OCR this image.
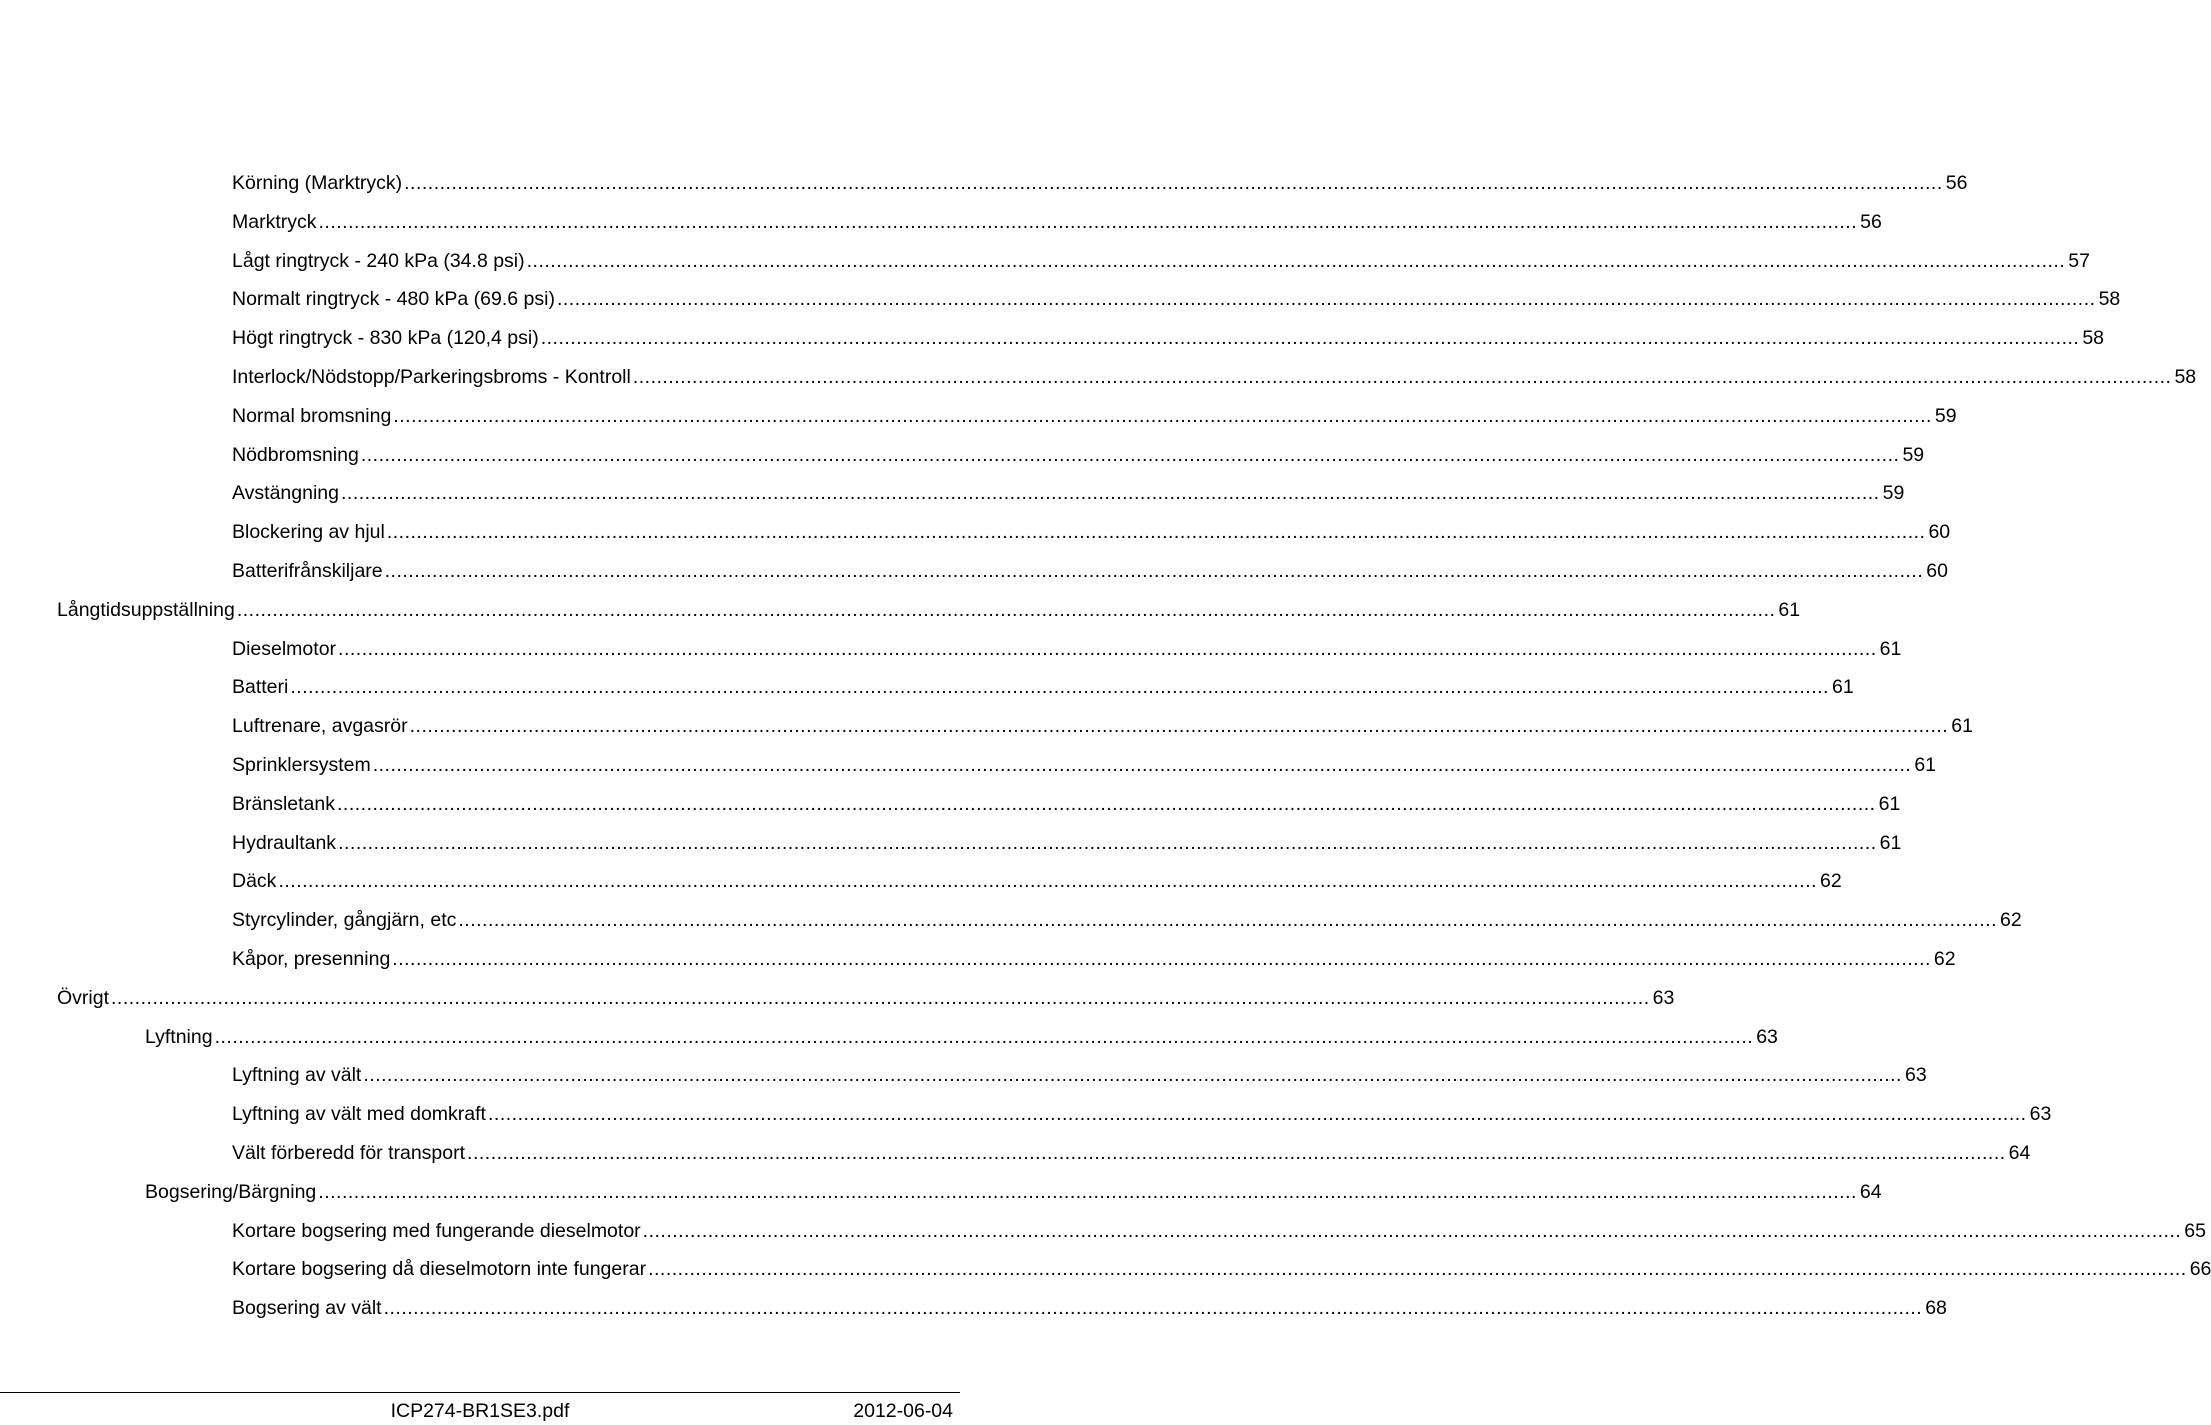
Körning (Marktryck) .................................................................................................................................................................................................................................................................... 56
Marktryck .................................................................................................................................................................................................................................................................... 56
Lågt ringtryck - 240 kPa (34.8 psi) .................................................................................................................................................................................................................................................................... 57
Normalt ringtryck - 480 kPa (69.6 psi) .................................................................................................................................................................................................................................................................... 58
Högt ringtryck - 830 kPa (120,4 psi) .................................................................................................................................................................................................................................................................... 58
Interlock/Nödstopp/Parkeringsbroms - Kontroll .................................................................................................................................................................................................................................................................... 58
Normal bromsning .................................................................................................................................................................................................................................................................... 59
Nödbromsning .................................................................................................................................................................................................................................................................... 59
Avstängning .................................................................................................................................................................................................................................................................... 59
Blockering av hjul .................................................................................................................................................................................................................................................................... 60
Batterifrånskiljare .................................................................................................................................................................................................................................................................... 60
Långtidsuppställning .................................................................................................................................................................................................................................................................... 61
Dieselmotor .................................................................................................................................................................................................................................................................... 61
Batteri .................................................................................................................................................................................................................................................................... 61
Luftrenare, avgasrör .................................................................................................................................................................................................................................................................... 61
Sprinklersystem .................................................................................................................................................................................................................................................................... 61
Bränsletank .................................................................................................................................................................................................................................................................... 61
Hydraultank .................................................................................................................................................................................................................................................................... 61
Däck .................................................................................................................................................................................................................................................................... 62
Styrcylinder, gångjärn, etc .................................................................................................................................................................................................................................................................... 62
Kåpor, presenning .................................................................................................................................................................................................................................................................... 62
Övrigt .................................................................................................................................................................................................................................................................... 63
Lyftning .................................................................................................................................................................................................................................................................... 63
Lyftning av vält .................................................................................................................................................................................................................................................................... 63
Lyftning av vält med domkraft .................................................................................................................................................................................................................................................................... 63
Vält förberedd för transport .................................................................................................................................................................................................................................................................... 64
Bogsering/Bärgning .................................................................................................................................................................................................................................................................... 64
Kortare bogsering med fungerande dieselmotor .................................................................................................................................................................................................................................................................... 65
Kortare bogsering då dieselmotorn inte fungerar .................................................................................................................................................................................................................................................................... 66
Bogsering av vält .................................................................................................................................................................................................................................................................... 68
ICP274-BR1SE3.pdf	2012-06-04
